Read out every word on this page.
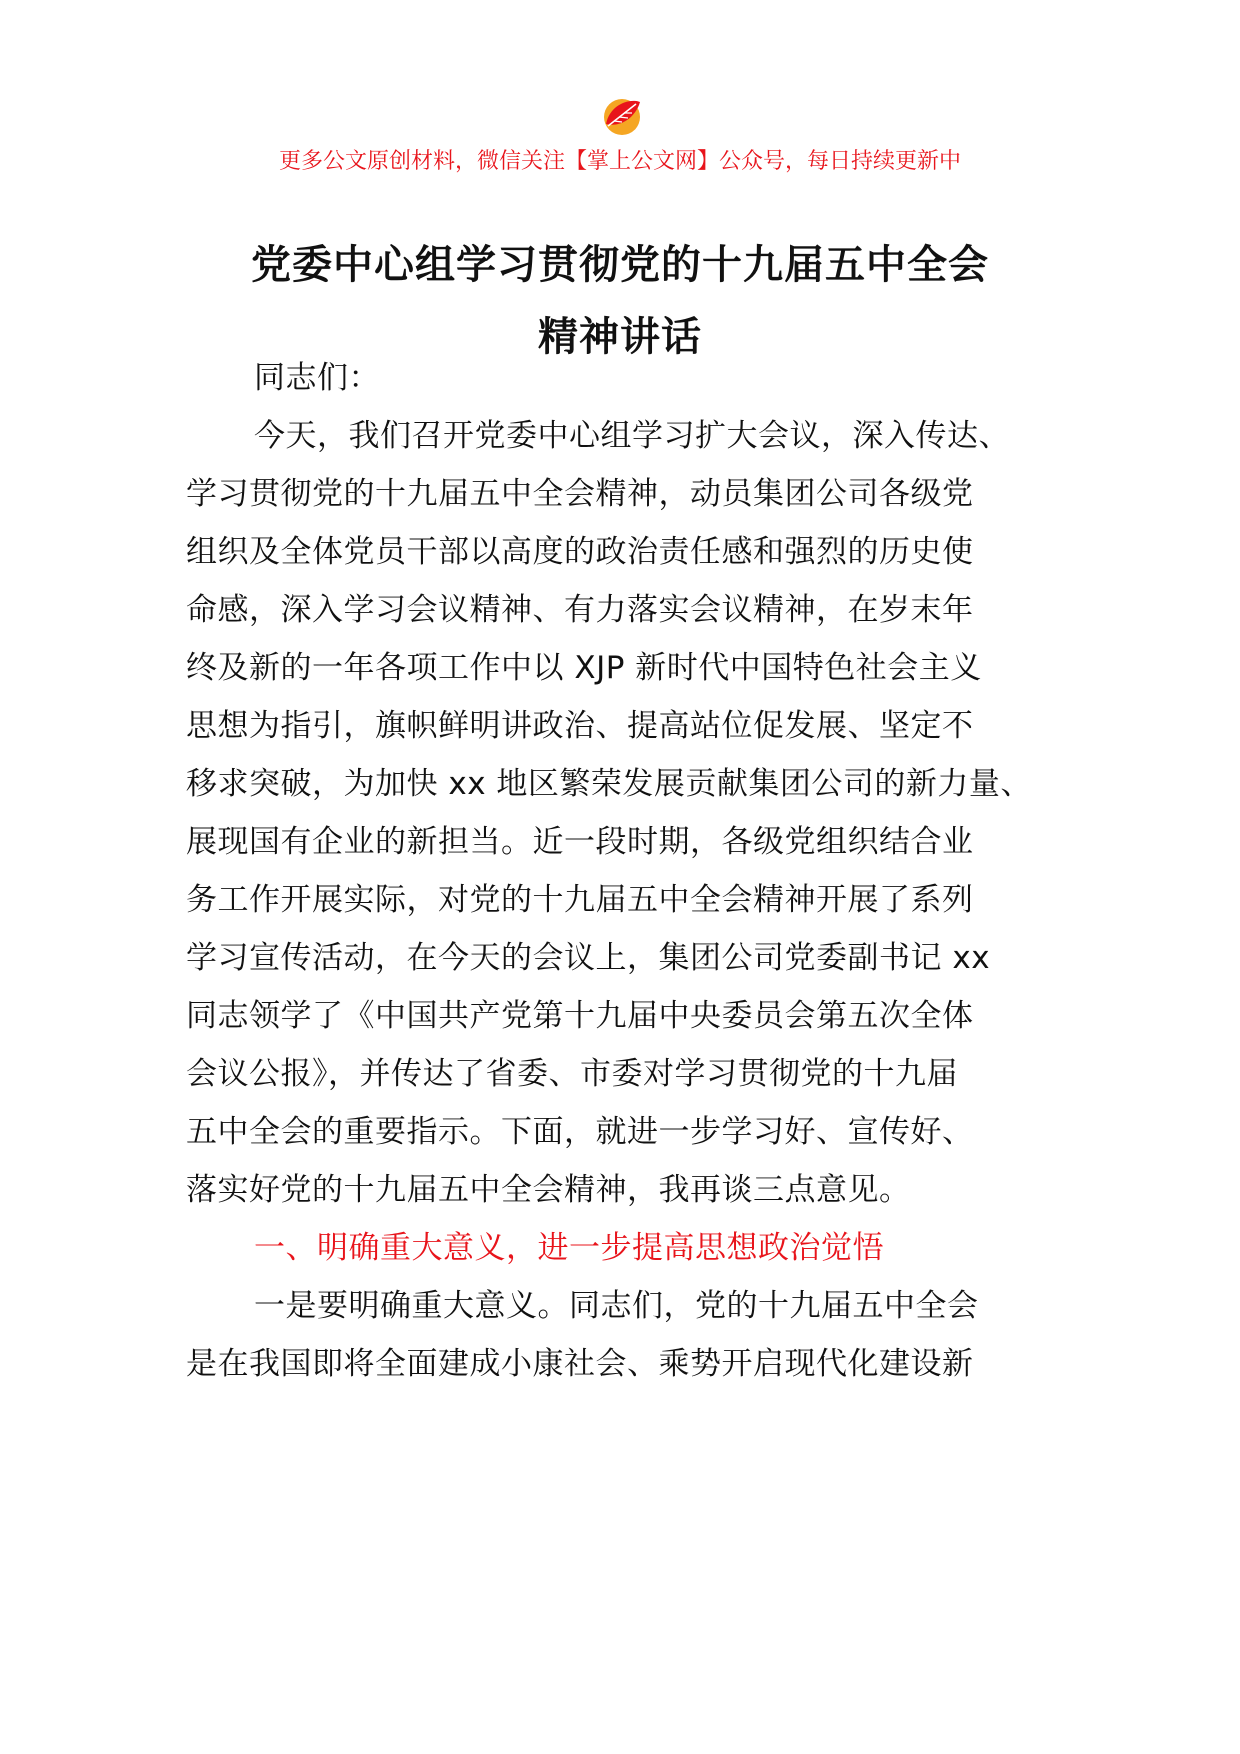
更多公文原创材料，微信关注【掌上公文网】公众号，每日持续更新中
党委中心组学习贯彻党的十九届五中全会
精神讲话
同志们：
今天，我们召开党委中心组学习扩大会议，深入传达、
学习贯彻党的十九届五中全会精神，动员集团公司各级党
组织及全体党员干部以高度的政治责任感和强烈的历史使
命感，深入学习会议精神、有力落实会议精神，在岁末年
终及新的一年各项工作中以 XJP 新时代中国特色社会主义
思想为指引，旗帜鲜明讲政治、提高站位促发展、坚定不
移求突破，为加快 xx 地区繁荣发展贡献集团公司的新力量、
展现国有企业的新担当。近一段时期，各级党组织结合业
务工作开展实际，对党的十九届五中全会精神开展了系列
学习宣传活动，在今天的会议上，集团公司党委副书记 xx
同志领学了《中国共产党第十九届中央委员会第五次全体
会议公报》，并传达了省委、市委对学习贯彻党的十九届
五中全会的重要指示。下面，就进一步学习好、宣传好、
落实好党的十九届五中全会精神，我再谈三点意见。
一、明确重大意义，进一步提高思想政治觉悟
一是要明确重大意义。同志们，党的十九届五中全会
是在我国即将全面建成小康社会、乘势开启现代化建设新
